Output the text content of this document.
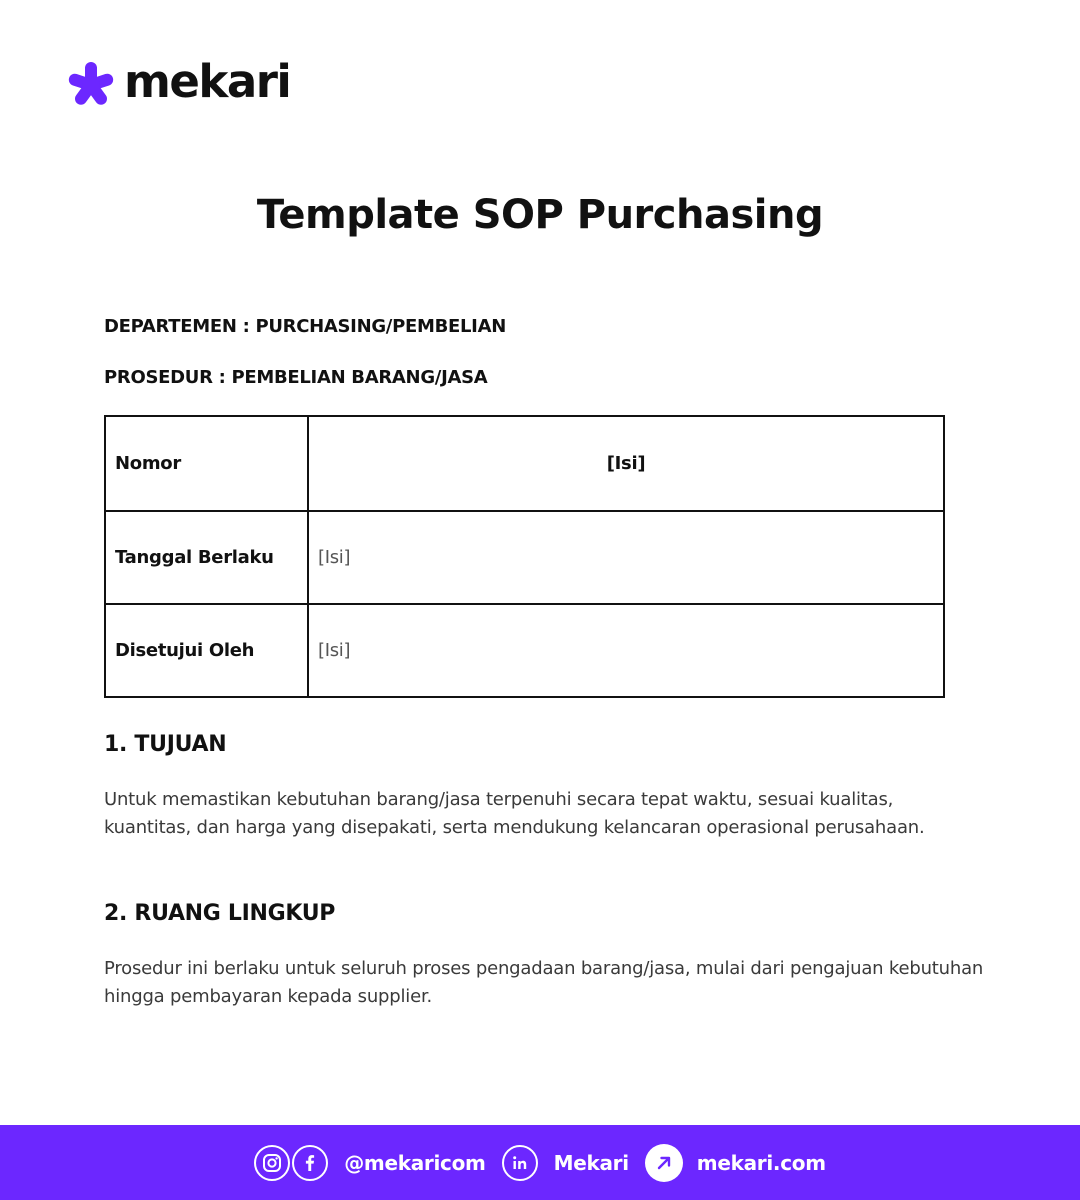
mekari
Template SOP Purchasing

DEPARTEMEN : PURCHASING/PEMBELIAN

PROSEDUR : PEMBELIAN BARANG/JASA

Nomor	[Isi]
Tanggal Berlaku	[Isi]
Disetujui Oleh	[Isi]
1. TUJUAN

Untuk memastikan kebutuhan barang/jasa terpenuhi secara tepat waktu, sesuai kualitas, kuantitas, dan harga yang disepakati, serta mendukung kelancaran operasional perusahaan.

2. RUANG LINGKUP

Prosedur ini berlaku untuk seluruh proses pengadaan barang/jasa, mulai dari pengajuan kebutuhan hingga pembayaran kepada supplier.

@mekaricom	Mekari	mekari.com
